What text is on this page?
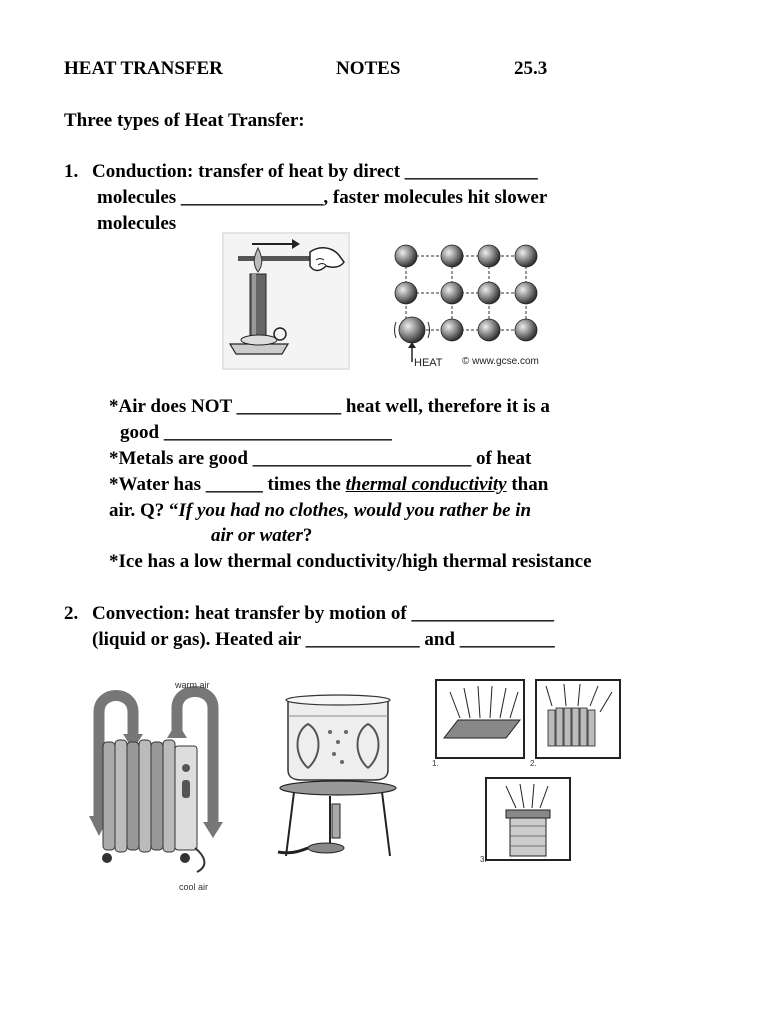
HEAT TRANSFER	NOTES	25.3
Three types of Heat Transfer:
1. Conduction: transfer of heat by direct ______________
molecules _______________, faster molecules hit slower
molecules
HEAT © www.gcse.com
*Air does NOT ___________ heat well, therefore it is a
good ________________________
*Metals are good _______________________ of heat
*Water has ______ times the thermal conductivity than
air. Q? “If you had no clothes, would you rather be in
air or water?
*Ice has a low thermal conductivity/high thermal resistance
2. Convection: heat transfer by motion of _______________
(liquid or gas). Heated air ____________ and __________
warm air
cool air
1.	2.
3.
